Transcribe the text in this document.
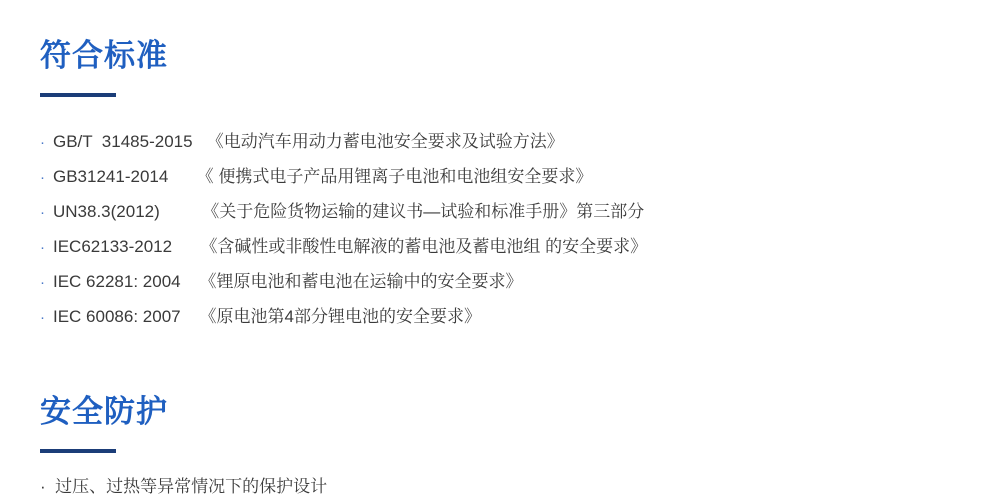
符合标准
· GB/T  31485-2015
《电动汽车用动力蓄电池安全要求及试验方法》
· GB31241-2014
《 便携式电子产品用锂离子电池和电池组安全要求》
· UN38.3(2012)
	《关于危险货物运输的建议书—试验和标准手册》第三部分
· IEC62133-2012
《含碱性或非酸性电解液的蓄电池及蓄电池组 的安全要求》
· IEC 62281: 2004
《锂原电池和蓄电池在运输中的安全要求》
· IEC 60086: 2007
《原电池第4部分锂电池的安全要求》
安全防护
·  过压、过热等异常情况下的保护设计
